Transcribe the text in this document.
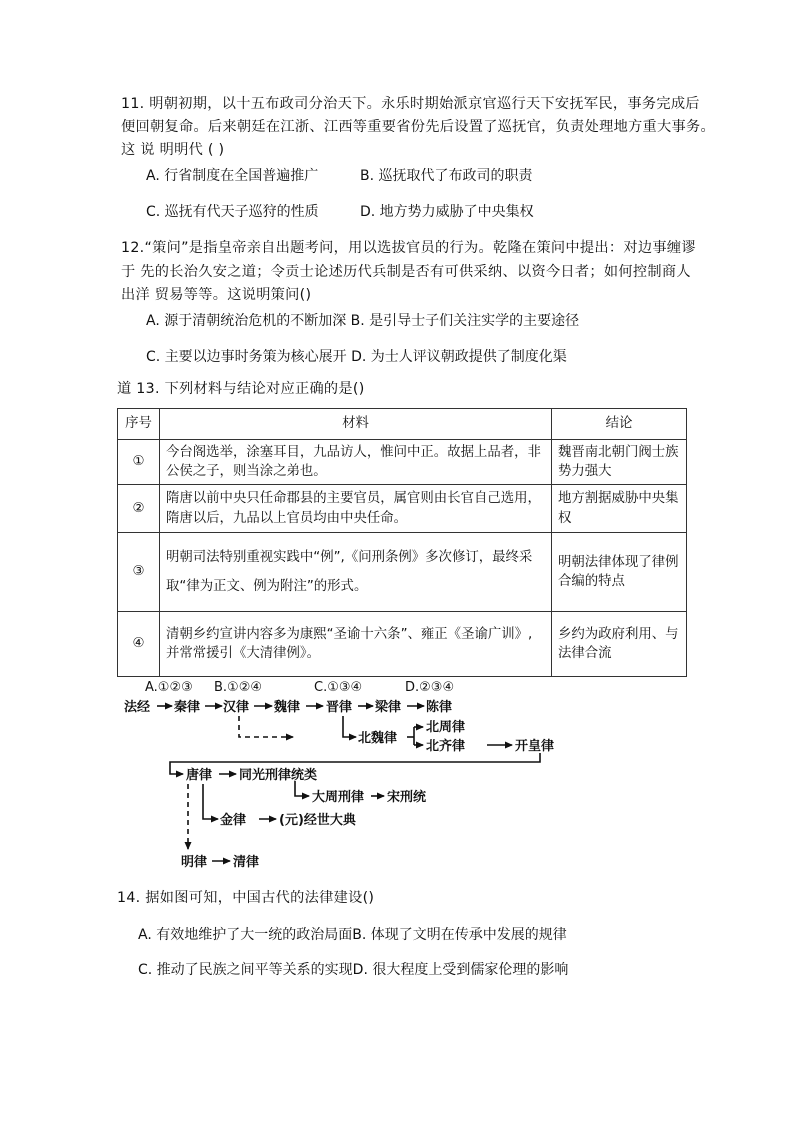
11. 明朝初期，以十五布政司分治天下。永乐时期始派京官巡行天下安抚军民，事务完成后
便回朝复命。后来朝廷在江浙、江西等重要省份先后设置了巡抚官，负责处理地方重大事务。
这 说 明明代 ( )
A. 行省制度在全国普遍推广	B. 巡抚取代了布政司的职责
C. 巡抚有代天子巡狩的性质	D. 地方势力威胁了中央集权
12.“策问”是指皇帝亲自出题考问，用以选拔官员的行为。乾隆在策问中提出：对边事缠谬
于 先的长治久安之道；令贡士论述历代兵制是否有可供采纳、以资今日者；如何控制商人
出洋 贸易等等。这说明策问()
A. 源于清朝统治危机的不断加深 B. 是引导士子们关注实学的主要途径
C. 主要以边事时务策为核心展开 D. 为士人评议朝政提供了制度化渠
道 13. 下列材料与结论对应正确的是()
序号	材料	结论
①	今台阁选举，涂塞耳目，九品访人，惟问中正。故据上品者，非公侯之子，则当涂之弟也。	魏晋南北朝门阀士族势力强大
②	隋唐以前中央只任命郡县的主要官员，属官则由长官自己选用，隋唐以后，九品以上官员均由中央任命。	地方割据威胁中央集权
③	明朝司法特别重视实践中“例”,《问刑条例》多次修订，最终采取“律为正文、例为附注”的形式。	明朝法律体现了律例合编的特点
④	清朝乡约宣讲内容多为康熙“圣谕十六条”、雍正《圣谕广训》,并常常援引《大清律例》。	乡约为政府利用、与法律合流
A.①②③ B.①②④	C.①③④	D.②③④
法经 秦律 汉律 魏律 晋律 梁律 陈律
北周律
北魏律
北齐律	开皇律
唐律 同光刑律统类
大周刑律 宋刑统
金律	(元)经世大典
明律 清律
14. 据如图可知，中国古代的法律建设()
A. 有效地维护了大一统的政治局面B. 体现了文明在传承中发展的规律
C. 推动了民族之间平等关系的实现D. 很大程度上受到儒家伦理的影响
